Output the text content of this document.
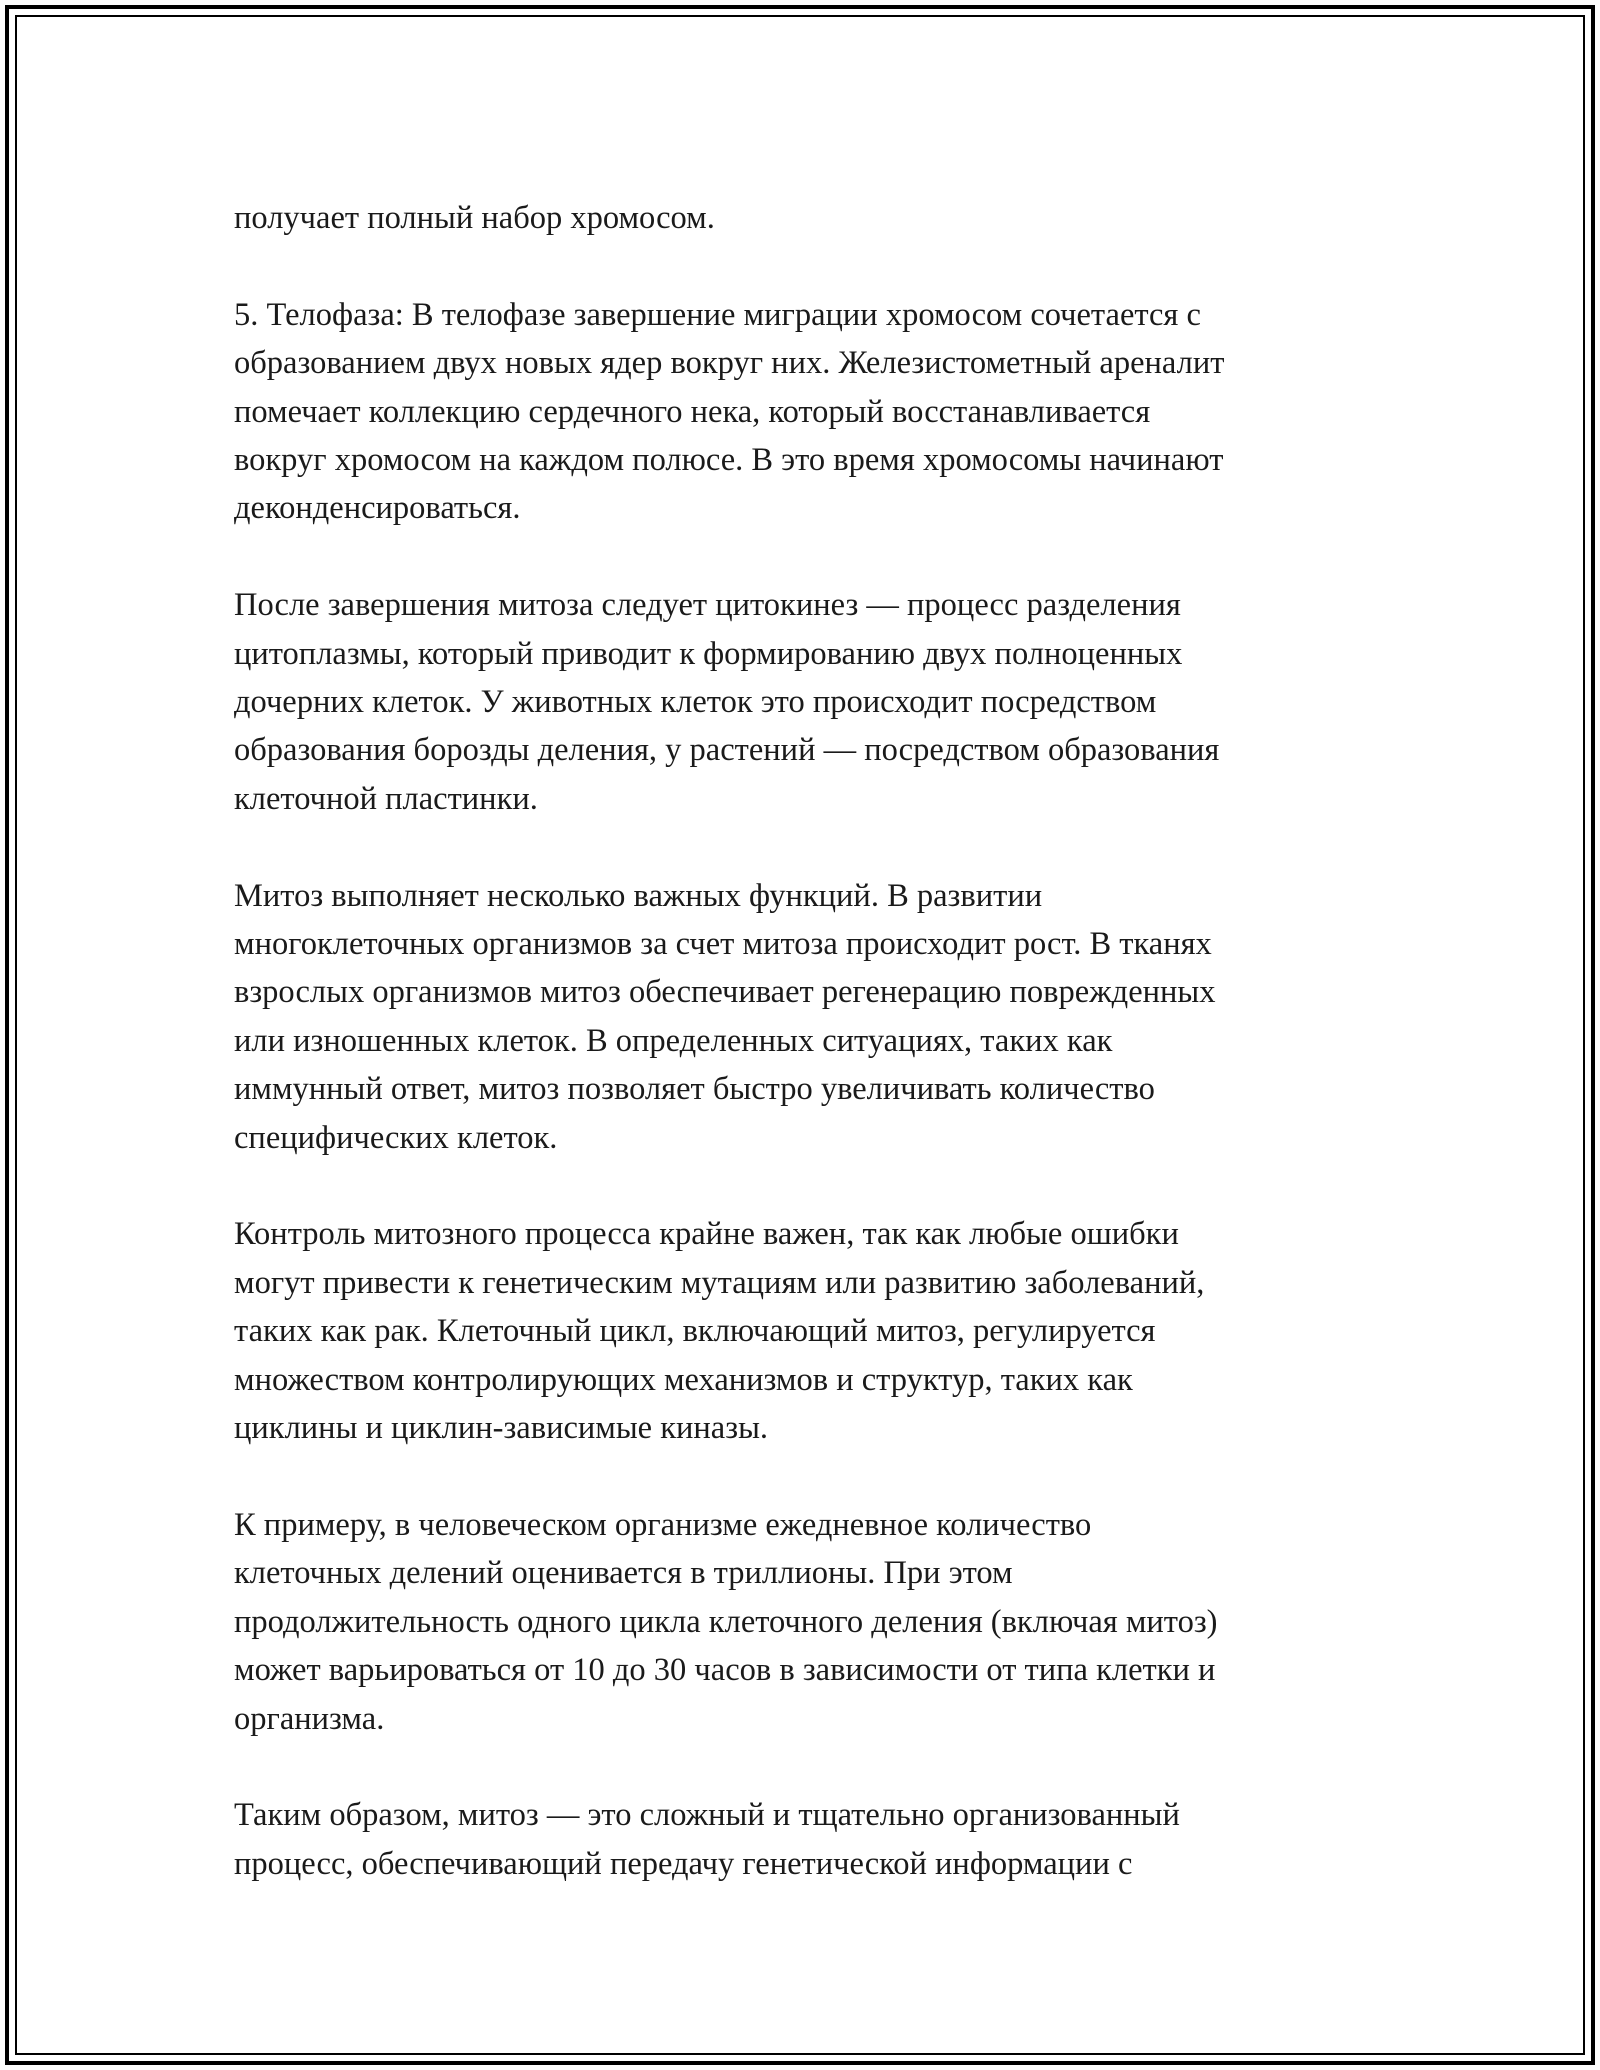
получает полный набор хромосом.

5. Телофаза: В телофазе завершение миграции хромосом сочетается с
образованием двух новых ядер вокруг них. Железистометный ареналит
помечает коллекцию сердечного нека, который восстанавливается
вокруг хромосом на каждом полюсе. В это время хромосомы начинают
деконденсироваться.

После завершения митоза следует цитокинез — процесс разделения
цитоплазмы, который приводит к формированию двух полноценных
дочерних клеток. У животных клеток это происходит посредством
образования борозды деления, у растений — посредством образования
клеточной пластинки.

Митоз выполняет несколько важных функций. В развитии
многоклеточных организмов за счет митоза происходит рост. В тканях
взрослых организмов митоз обеспечивает регенерацию поврежденных
или изношенных клеток. В определенных ситуациях, таких как
иммунный ответ, митоз позволяет быстро увеличивать количество
специфических клеток.

Контроль митозного процесса крайне важен, так как любые ошибки
могут привести к генетическим мутациям или развитию заболеваний,
таких как рак. Клеточный цикл, включающий митоз, регулируется
множеством контролирующих механизмов и структур, таких как
циклины и циклин-зависимые киназы.

К примеру, в человеческом организме ежедневное количество
клеточных делений оценивается в триллионы. При этом
продолжительность одного цикла клеточного деления (включая митоз)
может варьироваться от 10 до 30 часов в зависимости от типа клетки и
организма.

Таким образом, митоз — это сложный и тщательно организованный
процесс, обеспечивающий передачу генетической информации с
